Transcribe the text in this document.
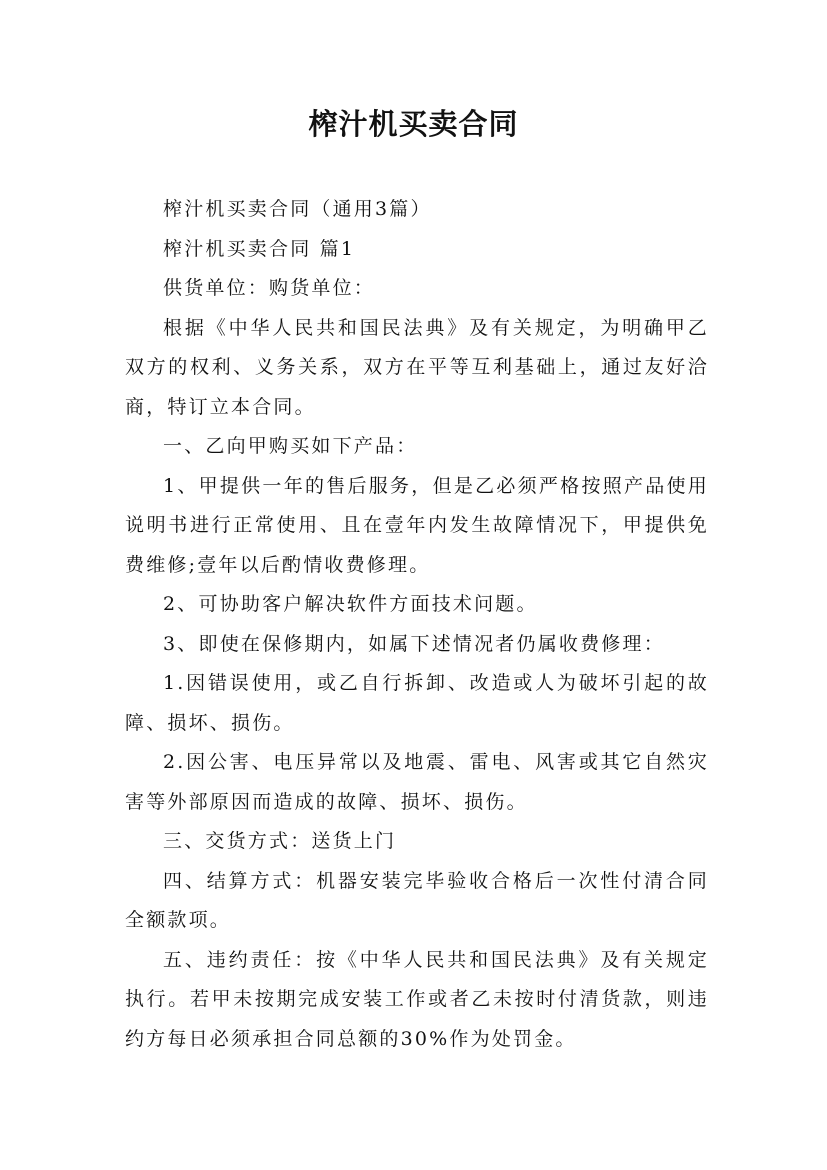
榨汁机买卖合同

榨汁机买卖合同（通用3篇）

榨汁机买卖合同 篇1

供货单位：购货单位：

根据《中华人民共和国民法典》及有关规定，为明确甲乙双方的权利、义务关系，双方在平等互利基础上，通过友好洽商，特订立本合同。

一、乙向甲购买如下产品：

1、甲提供一年的售后服务，但是乙必须严格按照产品使用说明书进行正常使用、且在壹年内发生故障情况下，甲提供免费维修;壹年以后酌情收费修理。

2、可协助客户解决软件方面技术问题。

3、即使在保修期内，如属下述情况者仍属收费修理：

1.因错误使用，或乙自行拆卸、改造或人为破坏引起的故障、损坏、损伤。

2.因公害、电压异常以及地震、雷电、风害或其它自然灾害等外部原因而造成的故障、损坏、损伤。

三、交货方式：送货上门

四、结算方式：机器安装完毕验收合格后一次性付清合同全额款项。

五、违约责任：按《中华人民共和国民法典》及有关规定执行。若甲未按期完成安装工作或者乙未按时付清货款，则违约方每日必须承担合同总额的30%作为处罚金。
